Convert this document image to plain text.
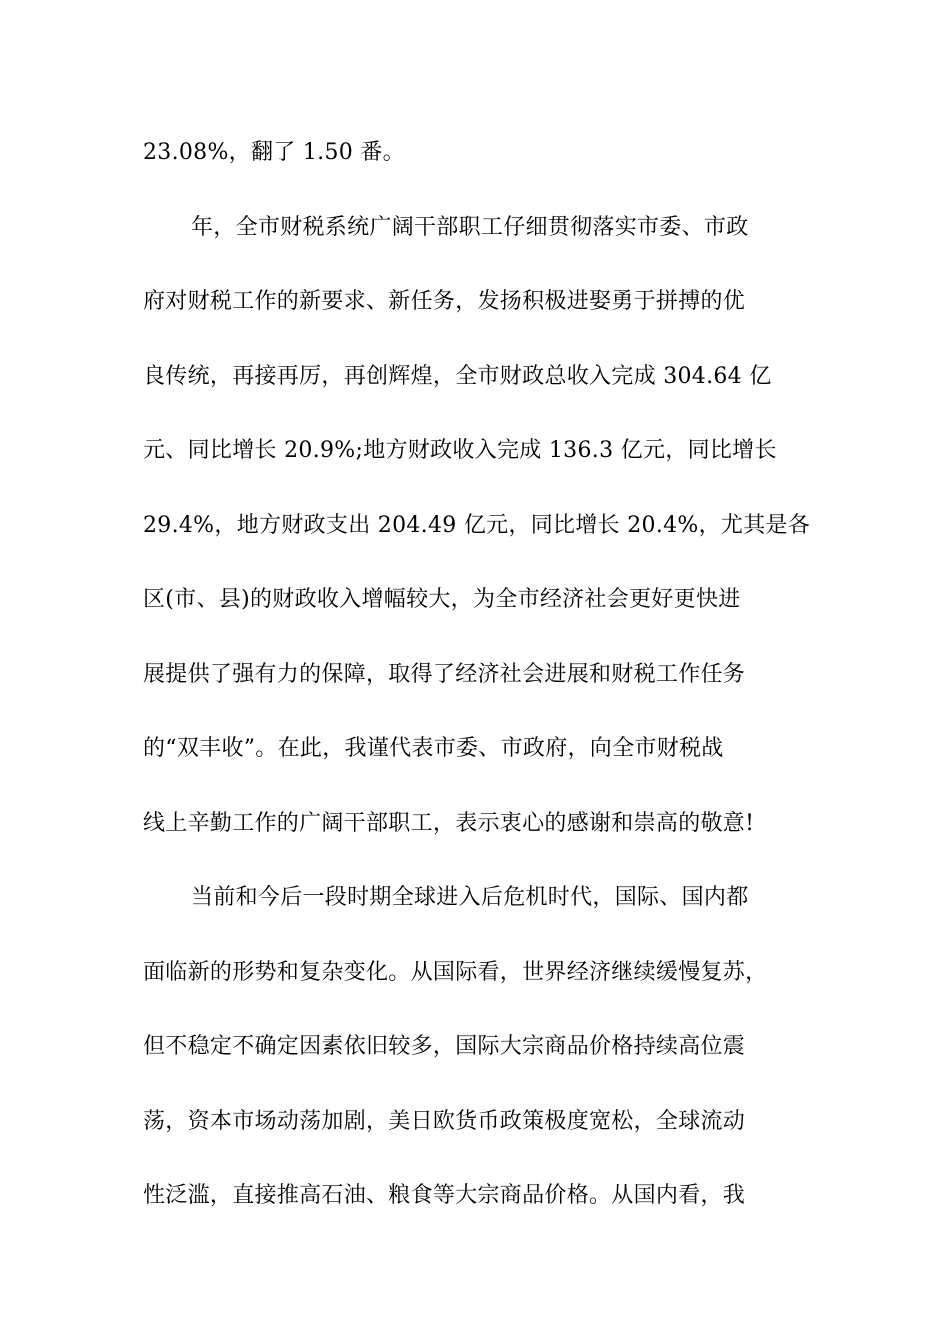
23.08%，翻了 1.50 番。
年，全市财税系统广阔干部职工仔细贯彻落实市委、市政
府对财税工作的新要求、新任务，发扬积极进娶勇于拼搏的优
良传统，再接再厉，再创辉煌，全市财政总收入完成 304.64 亿
元、同比增长 20.9%;地方财政收入完成 136.3 亿元，同比增长
29.4%，地方财政支出 204.49 亿元，同比增长 20.4%，尤其是各
区(市、县)的财政收入增幅较大，为全市经济社会更好更快进
展提供了强有力的保障，取得了经济社会进展和财税工作任务
的“双丰收”。在此，我谨代表市委、市政府，向全市财税战
线上辛勤工作的广阔干部职工，表示衷心的感谢和崇高的敬意!
当前和今后一段时期全球进入后危机时代，国际、国内都
面临新的形势和复杂变化。从国际看，世界经济继续缓慢复苏，
但不稳定不确定因素依旧较多，国际大宗商品价格持续高位震
荡，资本市场动荡加剧，美日欧货币政策极度宽松，全球流动
性泛滥，直接推高石油、粮食等大宗商品价格。从国内看，我
